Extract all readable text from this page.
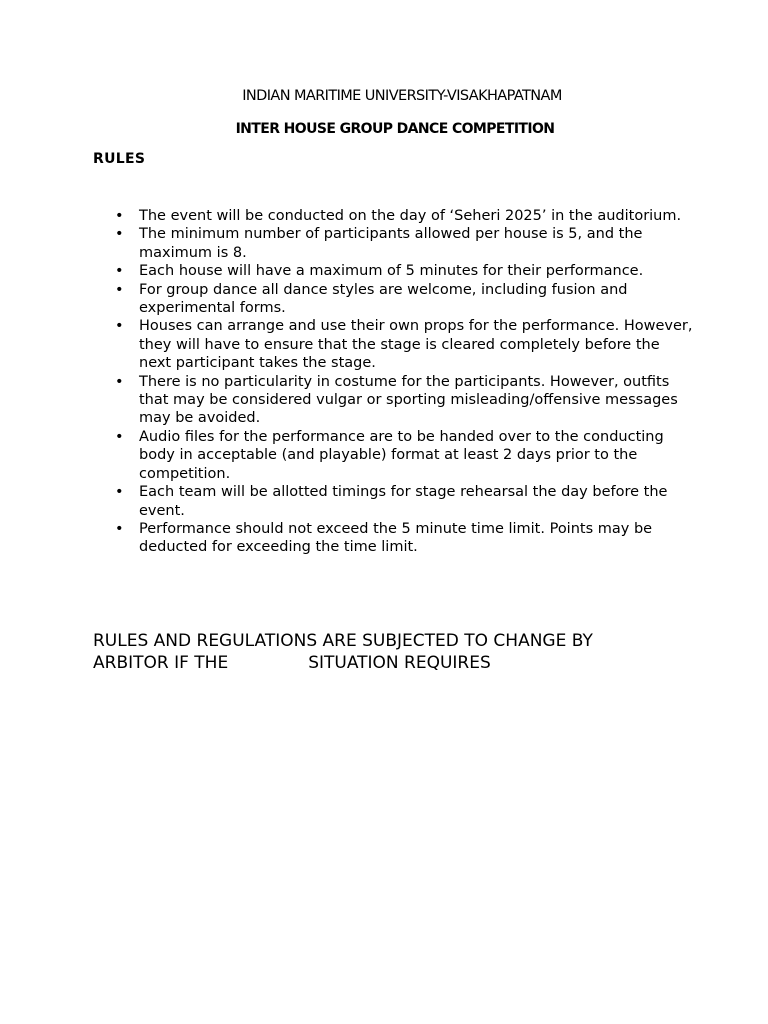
INDIAN MARITIME UNIVERSITY-VISAKHAPATNAM
INTER HOUSE GROUP DANCE COMPETITION
RULES
• The event will be conducted on the day of ‘Seheri 2025’ in the auditorium.
• The minimum number of participants allowed per house is 5, and the maximum is 8.
• Each house will have a maximum of 5 minutes for their performance.
• For group dance all dance styles are welcome, including fusion and experimental forms.
• Houses can arrange and use their own props for the performance. However, they will have to ensure that the stage is cleared completely before the next participant takes the stage.
• There is no particularity in costume for the participants. However, outfits that may be considered vulgar or sporting misleading/offensive messages may be avoided.
• Audio files for the performance are to be handed over to the conducting body in acceptable (and playable) format at least 2 days prior to the competition.
• Each team will be allotted timings for stage rehearsal the day before the event.
• Performance should not exceed the 5 minute time limit. Points may be deducted for exceeding the time limit.
RULES AND REGULATIONS ARE SUBJECTED TO CHANGE BY
ARBITOR IF THE	SITUATION REQUIRES
